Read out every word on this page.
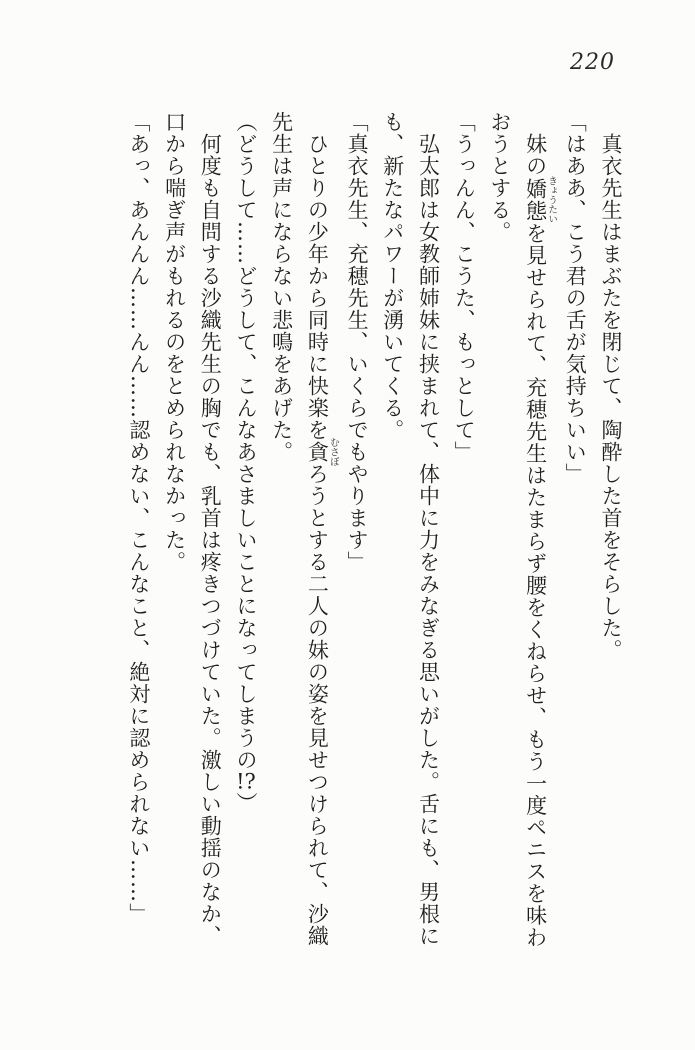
220

　真衣先生はまぶたを閉じて、陶酔した首をそらした。

「はああ、こう君の舌が気持ちいい」

　妹の嬌態きょうたいを見せられて、充穂先生はたまらず腰をくねらせ、もう一度ペニスを味わ

おうとする。

「うっんん、こうた、もっとして」

　弘太郎は女教師姉妹に挟まれて、体中に力をみなぎる思いがした。舌にも、男根に

も、新たなパワーが湧いてくる。

「真衣先生、充穂先生、いくらでもやります」

　ひとりの少年から同時に快楽を貪むさぼろうとする二人の妹の姿を見せつけられて、沙織

先生は声にならない悲鳴をあげた。

（どうして……どうして、こんなあさましいことになってしまうの!?）

　何度も自問する沙織先生の胸でも、乳首は疼きつづけていた。激しい動揺のなか、

口から喘ぎ声がもれるのをとめられなかった。

「あっ、あんんん……んん……認めない、こんなこと、絶対に認められない……」
